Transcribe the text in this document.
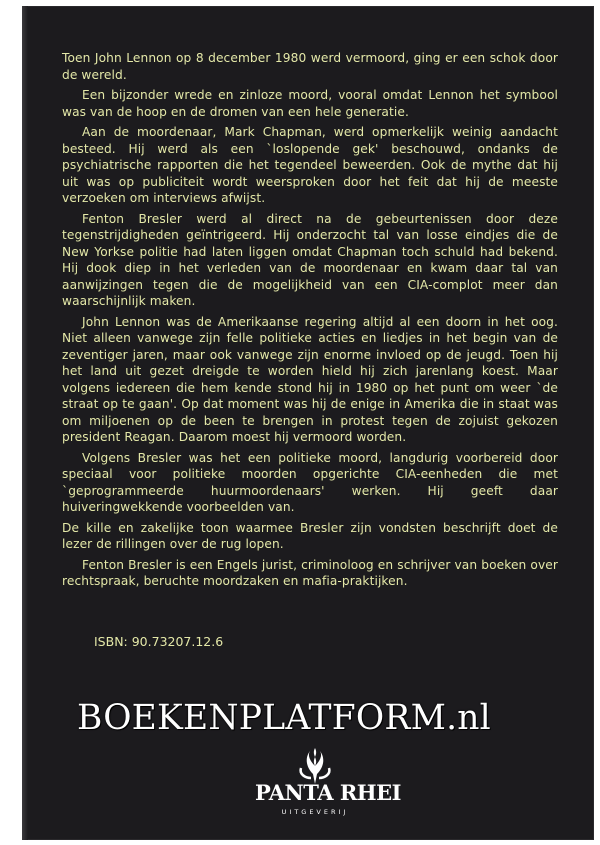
Toen John Lennon op 8 december 1980 werd vermoord, ging er een schok door de wereld.

Een bijzonder wrede en zinloze moord, vooral omdat Lennon het symbool was van de hoop en de dromen van een hele generatie.

Aan de moordenaar, Mark Chapman, werd opmerkelijk weinig aandacht besteed. Hij werd als een `loslopende gek' beschouwd, ondanks de psychiatrische rapporten die het tegendeel beweerden. Ook de mythe dat hij uit was op publiciteit wordt weersproken door het feit dat hij de meeste verzoeken om interviews afwijst.

Fenton Bresler werd al direct na de gebeurtenissen door deze tegenstrijdigheden geïntrigeerd. Hij onderzocht tal van losse eindjes die de New Yorkse politie had laten liggen omdat Chapman toch schuld had bekend. Hij dook diep in het verleden van de moordenaar en kwam daar tal van aanwijzingen tegen die de mogelijkheid van een CIA-complot meer dan waarschijnlijk maken.

John Lennon was de Amerikaanse regering altijd al een doorn in het oog. Niet alleen vanwege zijn felle politieke acties en liedjes in het begin van de zeventiger jaren, maar ook vanwege zijn enorme invloed op de jeugd. Toen hij het land uit gezet dreigde te worden hield hij zich jarenlang koest. Maar volgens iedereen die hem kende stond hij in 1980 op het punt om weer `de straat op te gaan'. Op dat moment was hij de enige in Amerika die in staat was om miljoenen op de been te brengen in protest tegen de zojuist gekozen president Reagan. Daarom moest hij vermoord worden.

Volgens Bresler was het een politieke moord, langdurig voorbereid door speciaal voor politieke moorden opgerichte CIA-eenheden die met `geprogrammeerde huurmoordenaars' werken. Hij geeft daar huiveringwekkende voorbeelden van.

De kille en zakelijke toon waarmee Bresler zijn vondsten beschrijft doet de lezer de rillingen over de rug lopen.

Fenton Bresler is een Engels jurist, criminoloog en schrijver van boeken over rechtspraak, beruchte moordzaken en mafia-praktijken.

ISBN: 90.73207.12.6
PANTA RHEI
UITGEVERIJ
BOEKENPLATFORM.nl
